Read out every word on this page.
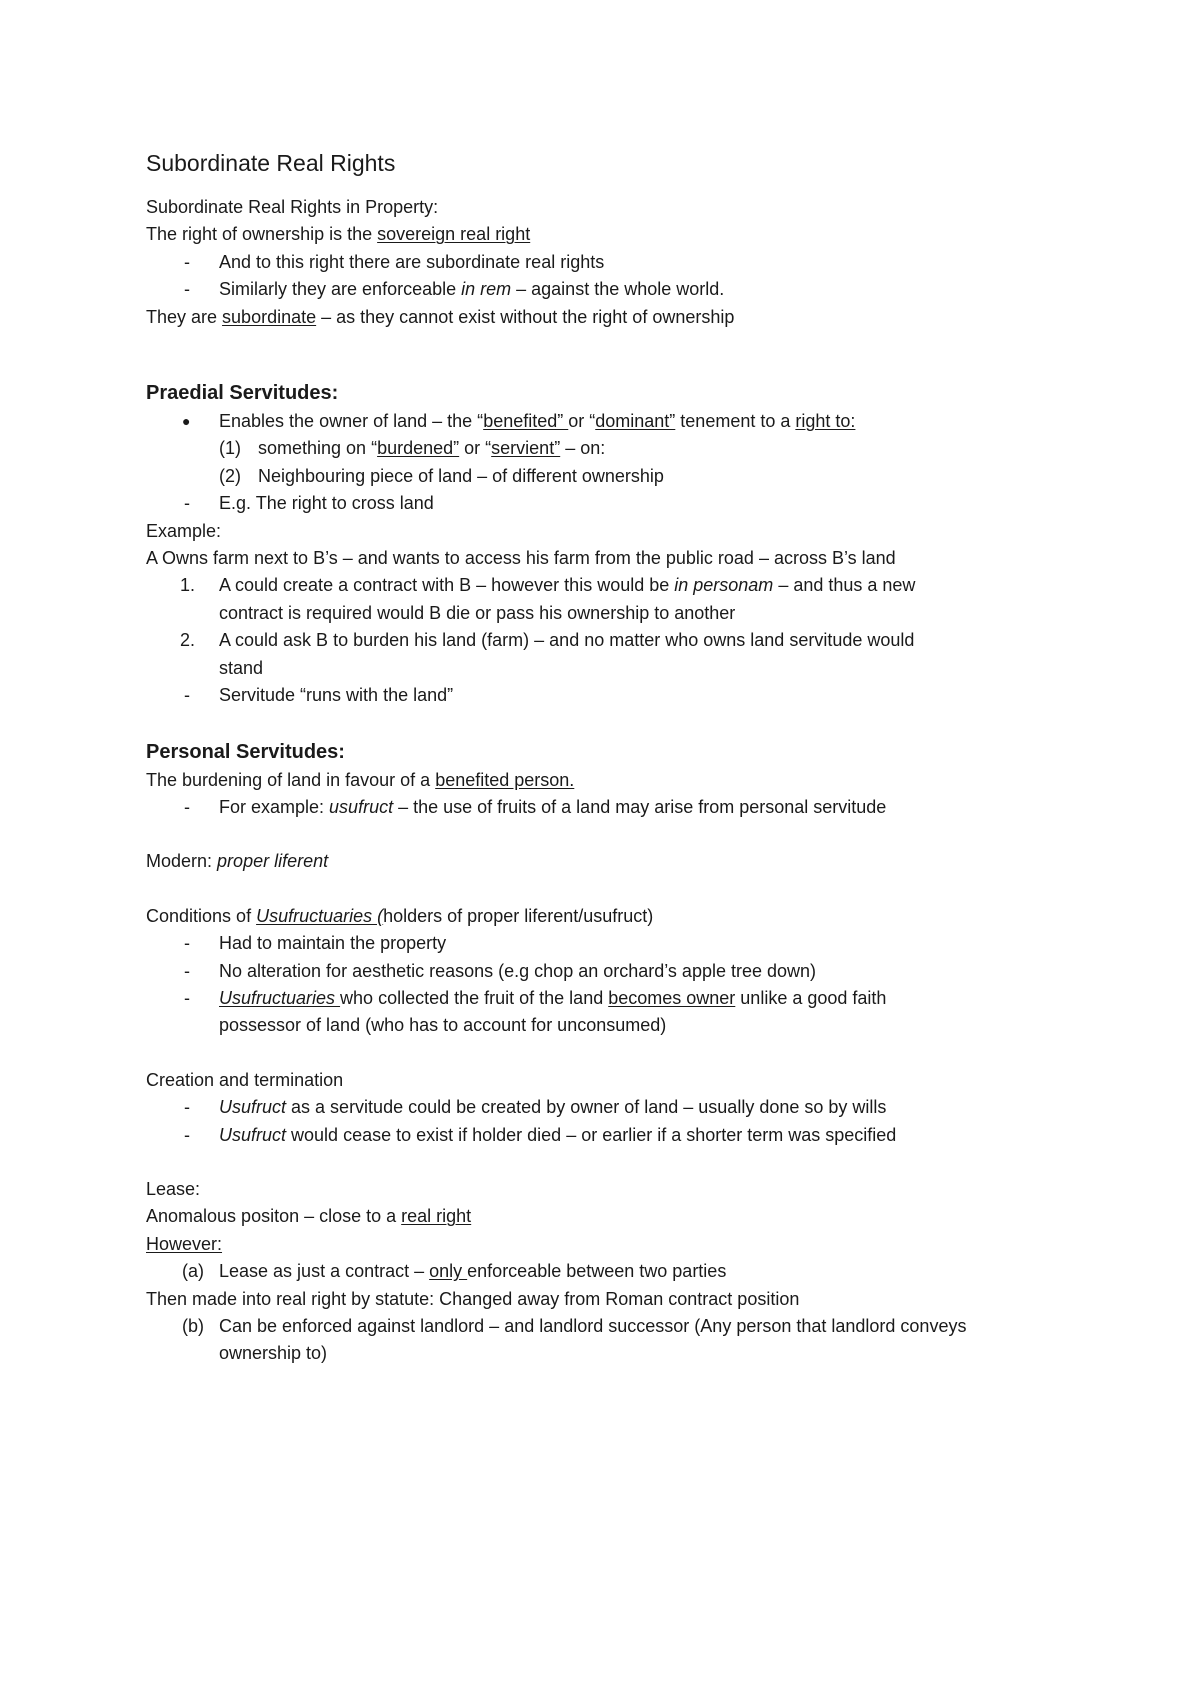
Subordinate Real Rights
Subordinate Real Rights in Property:
The right of ownership is the sovereign real right
- And to this right there are subordinate real rights
- Similarly they are enforceable in rem – against the whole world.
They are subordinate – as they cannot exist without the right of ownership
Praedial Servitudes:
● Enables the owner of land – the “benefited” or “dominant” tenement to a right to:
(1) something on “burdened” or “servient” – on:
(2) Neighbouring piece of land – of different ownership
- E.g. The right to cross land
Example:
A Owns farm next to B’s – and wants to access his farm from the public road – across B’s land
1. A could create a contract with B – however this would be in personam – and thus a new
contract is required would B die or pass his ownership to another
2. A could ask B to burden his land (farm) – and no matter who owns land servitude would
stand
- Servitude “runs with the land”
Personal Servitudes:
The burdening of land in favour of a benefited person.
- For example: usufruct – the use of fruits of a land may arise from personal servitude
Modern: proper liferent
Conditions of Usufructuaries (holders of proper liferent/usufruct)
- Had to maintain the property
- No alteration for aesthetic reasons (e.g chop an orchard’s apple tree down)
- Usufructuaries who collected the fruit of the land becomes owner unlike a good faith
possessor of land (who has to account for unconsumed)
Creation and termination
- Usufruct as a servitude could be created by owner of land – usually done so by wills
- Usufruct would cease to exist if holder died – or earlier if a shorter term was specified
Lease:
Anomalous positon – close to a real right
However:
(a) Lease as just a contract – only enforceable between two parties
Then made into real right by statute: Changed away from Roman contract position
(b) Can be enforced against landlord – and landlord successor (Any person that landlord conveys
ownership to)
